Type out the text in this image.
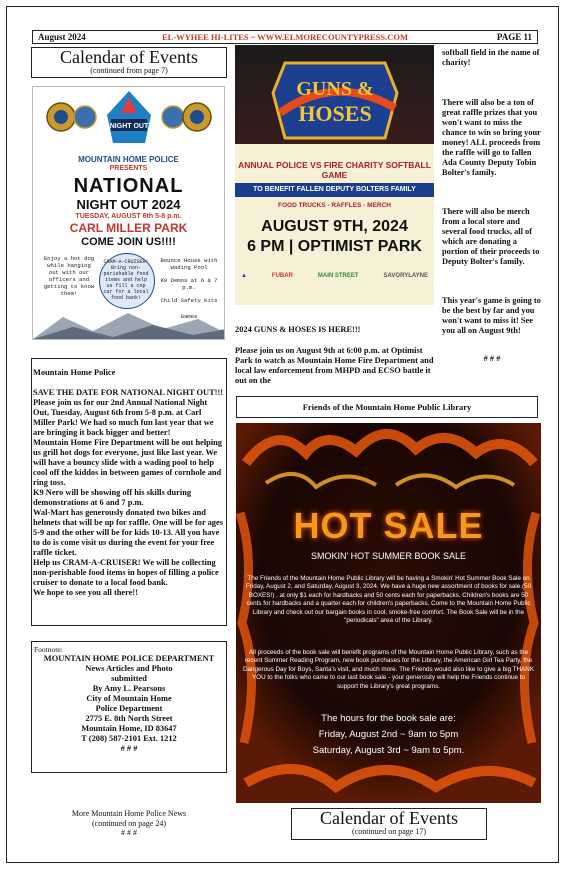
August 2024	EL-WYHEE HI-LITES ~ WWW.ELMORECOUNTYPRESS.COM	PAGE 11
Calendar of Events
(continued from page 7)
NIGHT OUT
MOUNTAIN HOME POLICE
PRESENTS
NATIONAL
NIGHT OUT 2024
TUESDAY, AUGUST 6th 5-8 p.m.
CARL MILLER PARK
COME JOIN US!!!!
Enjoy a hot dog while hanging out with our officers and getting to know them!
CRAM-A-CRUISER! Bring non-perishable food items and help us fill a cop car for a local food bank!
Bounce House with Wading Pool
K9 Demos at 6 & 7 p.m.
Child Safety Kits
Games
GUNS &
HOSES
ANNUAL POLICE VS FIRE CHARITY SOFTBALL GAME
TO BENEFIT FALLEN DEPUTY BOLTERS FAMILY
FOOD TRUCKS - RAFFLES - MERCH
AUGUST 9TH, 2024
6 PM | OPTIMIST PARK
▲	FUBAR	MAIN STREET	SAVORYLAYNE
2024 GUNS & HOSES IS HERE!!!
Please join us on August 9th at 6:00 p.m. at Optimist Park to watch as Mountain Home Fire Department and local law enforcement from MHPD and ECSO battle it out on the
softball field in the name of charity!
There will also be a ton of great raffle prizes that you won't want to miss the chance to win so bring your money! ALL proceeds from the raffle will go to fallen Ada County Deputy Tobin Bolter's family.
There will also be merch from a local store and several food trucks, all of which are donating a portion of their proceeds to Deputy Bolter's family.
This year's game is going to be the best by far and you won't want to miss it! See you all on August 9th!
# # #
Mountain Home Police
SAVE THE DATE FOR NATIONAL NIGHT OUT!!!
Please join us for our 2nd Annual National Night Out, Tuesday, August 6th from 5-8 p.m. at Carl Miller Park! We had so much fun last year that we are bringing it back bigger and better!
Mountain Home Fire Department will be out helping us grill hot dogs for everyone, just like last year. We will have a bouncy slide with a wading pool to help cool off the kiddos in between games of cornhole and ring toss.
K9 Nero will be showing off his skills during demonstrations at 6 and 7 p.m.
Wal-Mart has generously donated two bikes and helmets that will be up for raffle. One will be for ages 5-9 and the other will be for kids 10-13. All you have to do is come visit us during the event for your free raffle ticket.
Help us CRAM-A-CRUISER! We will be collecting non-perishable food items in hopes of filling a police cruiser to donate to a local food bank.
We hope to see you all there!!
Footnote:
MOUNTAIN HOME POLICE DEPARTMENT
News Articles and Photo
submitted
By Amy L. Pearsons
City of Mountain Home
Police Department
2775 E. 8th North Street
Mountain Home, ID 83647
T (208) 587-2101 Ext. 1212
# # #
More Mountain Home Police News
(continued on page 24)
# # #
Friends of the Mountain Home Public Library
HOT SALE
SMOKIN' HOT SUMMER BOOK SALE
The Friends of the Mountain Home Public Library will be having a Smokin' Hot Summer Book Sale on Friday, August 2, and Saturday, August 3, 2024. We have a huge new assortment of books for sale (50 BOXES!) , at only $1 each for hardbacks and 50 cents each for paperbacks. Children's books are 50 cents for hardbacks and a quarter each for children's paperbacks. Come to the Mountain Home Public Library and check out our bargain books in cool, smoke-free comfort. The Book Sale will be in the "periodicals" area of the Library.
All proceeds of the book sale will benefit programs of the Mountain Home Public Library, such as the recent Summer Reading Program, new book purchases for the Library, the American Girl Tea Party, the Dangerous Day for Boys, Santa's visit, and much more. The Friends would also like to give a big THANK YOU to the folks who came to our last book sale - your generosity will help the Friends continue to support the Library's great programs.
The hours for the book sale are:
Friday, August 2nd ~ 9am to 5pm
Saturday, August 3rd ~ 9am to 5pm.
Calendar of Events
(continued on page 17)
